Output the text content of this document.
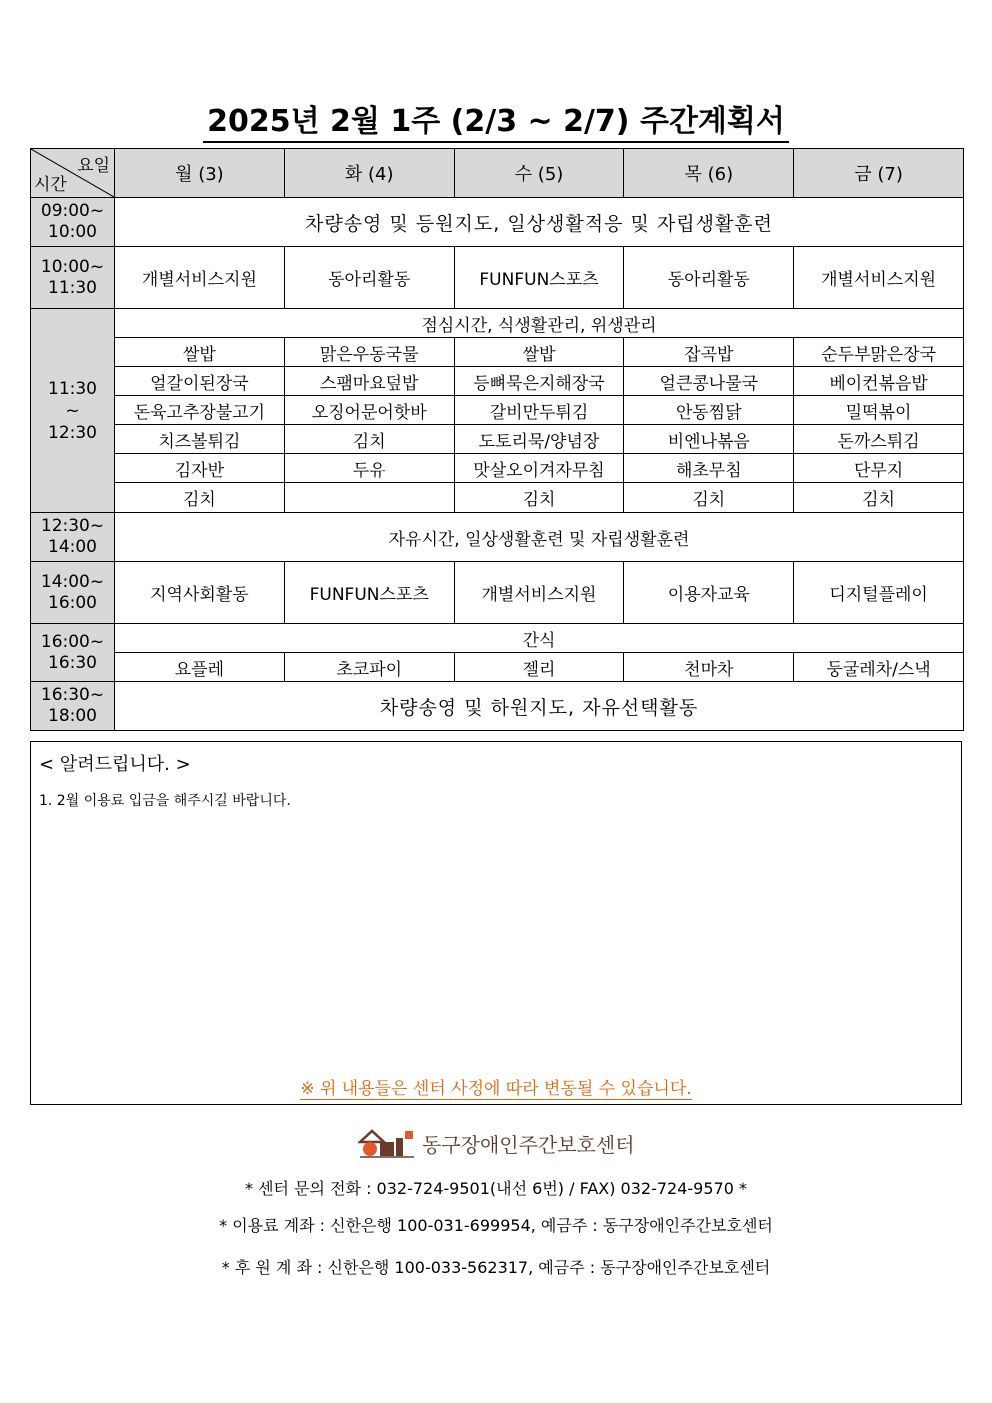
2025년 2월 1주 (2/3 ~ 2/7) 주간계획서
요일
시간	월 (3)	화 (4)	수 (5)	목 (6)	금 (7)

09:00~
10:00	차량송영 및 등원지도, 일상생활적응 및 자립생활훈련				

10:00~
11:30	개별서비스지원	동아리활동	FUNFUN스포츠	동아리활동	개별서비스지원

11:30
~
12:30	점심시간, 식생활관리, 위생관리				
	쌀밥	맑은우동국물	쌀밥	잡곡밥	순두부맑은장국
	얼갈이된장국	스팸마요덮밥	등뼈묵은지해장국	얼큰콩나물국	베이컨볶음밥
	돈육고추장불고기	오징어문어핫바	갈비만두튀김	안동찜닭	밀떡볶이
	치즈볼튀김	김치	도토리묵/양념장	비엔나볶음	돈까스튀김
	김자반	두유	맛살오이겨자무침	해초무침	단무지
	김치		김치	김치	김치

12:30~
14:00	자유시간, 일상생활훈련 및 자립생활훈련				

14:00~
16:00	지역사회활동	FUNFUN스포츠	개별서비스지원	이용자교육	디지털플레이

16:00~
16:30	간식				
	요플레	초코파이	젤리	천마차	둥굴레차/스낵

16:30~
18:00	차량송영 및 하원지도, 자유선택활동				
< 알려드립니다. >
1. 2월 이용료 입금을 해주시길 바랍니다.
※ 위 내용들은 센터 사정에 따라 변동될 수 있습니다.
동구장애인주간보호센터
* 센터 문의 전화 : 032-724-9501(내선 6번) / FAX) 032-724-9570 *
* 이용료 계좌 : 신한은행 100-031-699954, 예금주 : 동구장애인주간보호센터
* 후 원 계 좌 : 신한은행 100-033-562317, 예금주 : 동구장애인주간보호센터
